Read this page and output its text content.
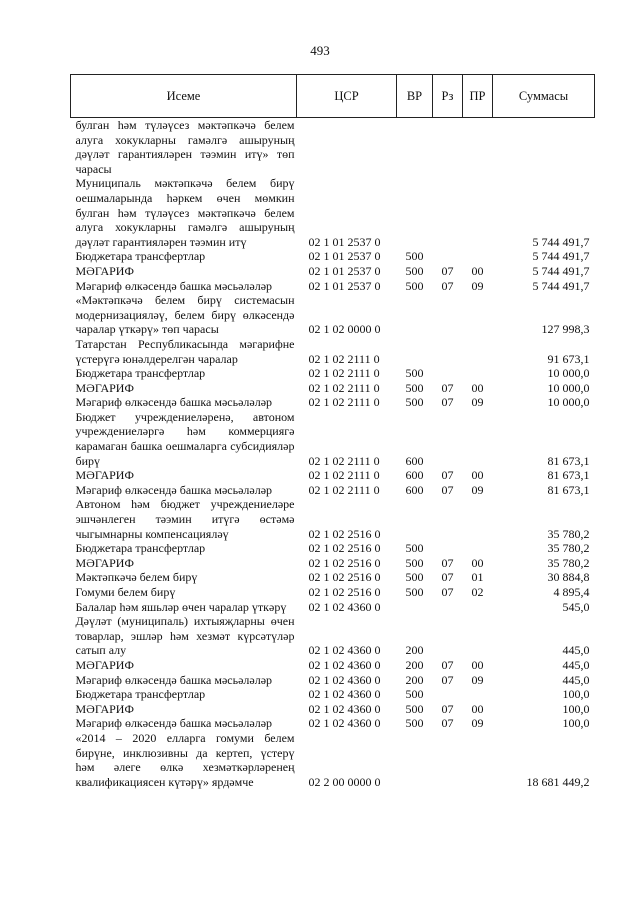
493
Исеме	ЦСР	ВР	Рз	ПР	Суммасы
булган һәм түләүсез мәктәпкәчә белем алуга хокукларны гамәлгә ашыруның дәүләт гарантияләрен тәэмин итү» төп чарасы					
Муниципаль мәктәпкәчә белем бирү оешмаларында һәркем өчен мөмкин булган һәм түләүсез мәктәпкәчә белем алуга хокукларны гамәлгә ашыруның дәүләт гарантияләрен тәэмин итү	02 1 01 2537 0				5 744 491,7
Бюджетара трансфертлар	02 1 01 2537 0	500			5 744 491,7
МӘГАРИФ	02 1 01 2537 0	500	07	00	5 744 491,7
Мәгариф өлкәсендә башка мәсьәләләр	02 1 01 2537 0	500	07	09	5 744 491,7
«Мәктәпкәчә белем бирү системасын модернизацияләү, белем бирү өлкәсендә чаралар үткәрү» төп чарасы	02 1 02 0000 0				127 998,3
Татарстан Республикасында мәгарифне үстерүгә юнәлдерелгән чаралар	02 1 02 2111 0				91 673,1
Бюджетара трансфертлар	02 1 02 2111 0	500			10 000,0
МӘГАРИФ	02 1 02 2111 0	500	07	00	10 000,0
Мәгариф өлкәсендә башка мәсьәләләр	02 1 02 2111 0	500	07	09	10 000,0
Бюджет учреждениеләренә, автоном учреждениеләргә һәм коммерциягә карамаган башка оешмаларга субсидияләр бирү	02 1 02 2111 0	600			81 673,1
МӘГАРИФ	02 1 02 2111 0	600	07	00	81 673,1
Мәгариф өлкәсендә башка мәсьәләләр	02 1 02 2111 0	600	07	09	81 673,1
Автоном һәм бюджет учреждениеләре эшчәнлеген тәэмин итүгә өстәмә чыгымнарны компенсацияләү	02 1 02 2516 0				35 780,2
Бюджетара трансфертлар	02 1 02 2516 0	500			35 780,2
МӘГАРИФ	02 1 02 2516 0	500	07	00	35 780,2
Мәктәпкәчә белем бирү	02 1 02 2516 0	500	07	01	30 884,8
Гомуми белем бирү	02 1 02 2516 0	500	07	02	4 895,4
Балалар һәм яшьләр өчен чаралар үткәрү	02 1 02 4360 0				545,0
Дәүләт (муниципаль) ихтыяҗларны өчен товарлар, эшләр һәм хезмәт күрсәтүләр сатып алу	02 1 02 4360 0	200			445,0
МӘГАРИФ	02 1 02 4360 0	200	07	00	445,0
Мәгариф өлкәсендә башка мәсьәләләр	02 1 02 4360 0	200	07	09	445,0
Бюджетара трансфертлар	02 1 02 4360 0	500			100,0
МӘГАРИФ	02 1 02 4360 0	500	07	00	100,0
Мәгариф өлкәсендә башка мәсьәләләр	02 1 02 4360 0	500	07	09	100,0
«2014 – 2020 елларга гомуми белем бирүне, инклюзивны да кертеп, үстерү һәм әлеге өлкә хезмәткәрләренең квалификациясен күтәрү» ярдәмче	02 2 00 0000 0				18 681 449,2
